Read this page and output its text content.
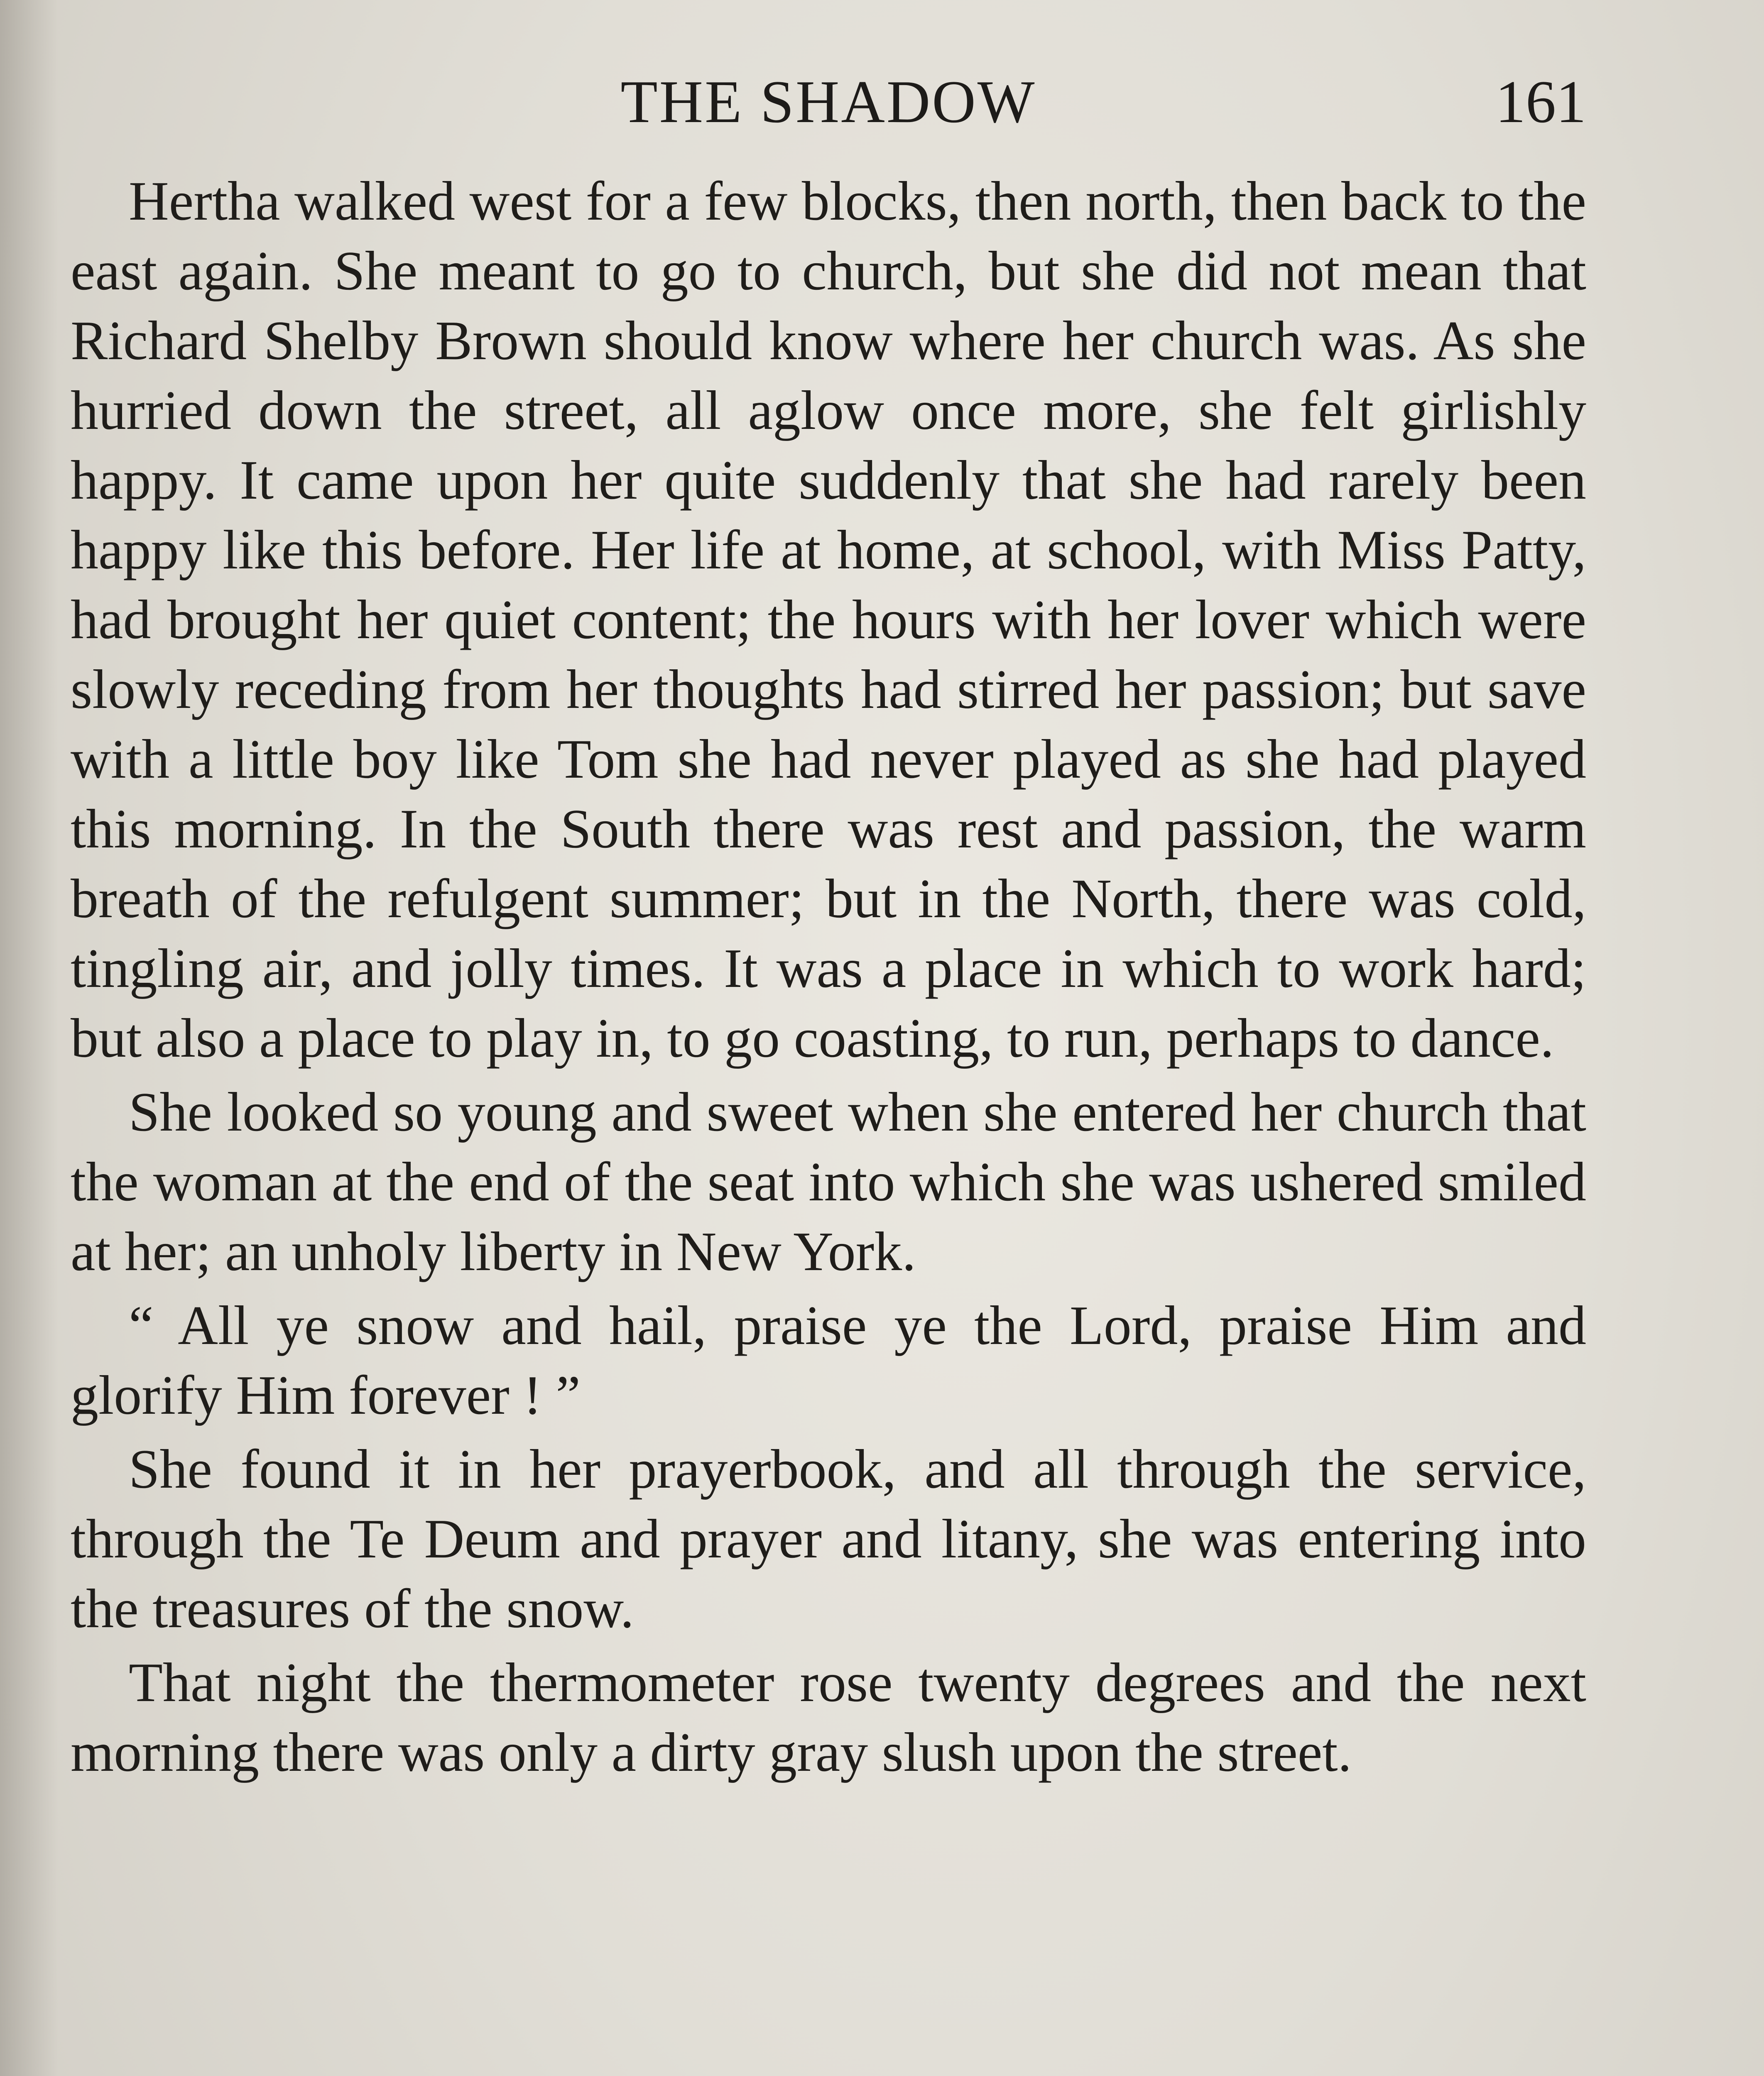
THE SHADOW	161

Hertha walked west for a few blocks, then north, then back to the east again. She meant to go to church, but she did not mean that Richard Shelby Brown should know where her church was. As she hurried down the street, all aglow once more, she felt girlishly happy. It came upon her quite suddenly that she had rarely been happy like this before. Her life at home, at school, with Miss Patty, had brought her quiet content; the hours with her lover which were slowly receding from her thoughts had stirred her passion; but save with a little boy like Tom she had never played as she had played this morning. In the South there was rest and passion, the warm breath of the refulgent summer; but in the North, there was cold, tingling air, and jolly times. It was a place in which to work hard; but also a place to play in, to go coasting, to run, perhaps to dance.

She looked so young and sweet when she entered her church that the woman at the end of the seat into which she was ushered smiled at her; an unholy liberty in New York.

“ All ye snow and hail, praise ye the Lord, praise Him and glorify Him forever ! ”

She found it in her prayerbook, and all through the service, through the Te Deum and prayer and litany, she was entering into the treasures of the snow.

That night the thermometer rose twenty degrees and the next morning there was only a dirty gray slush upon the street.
